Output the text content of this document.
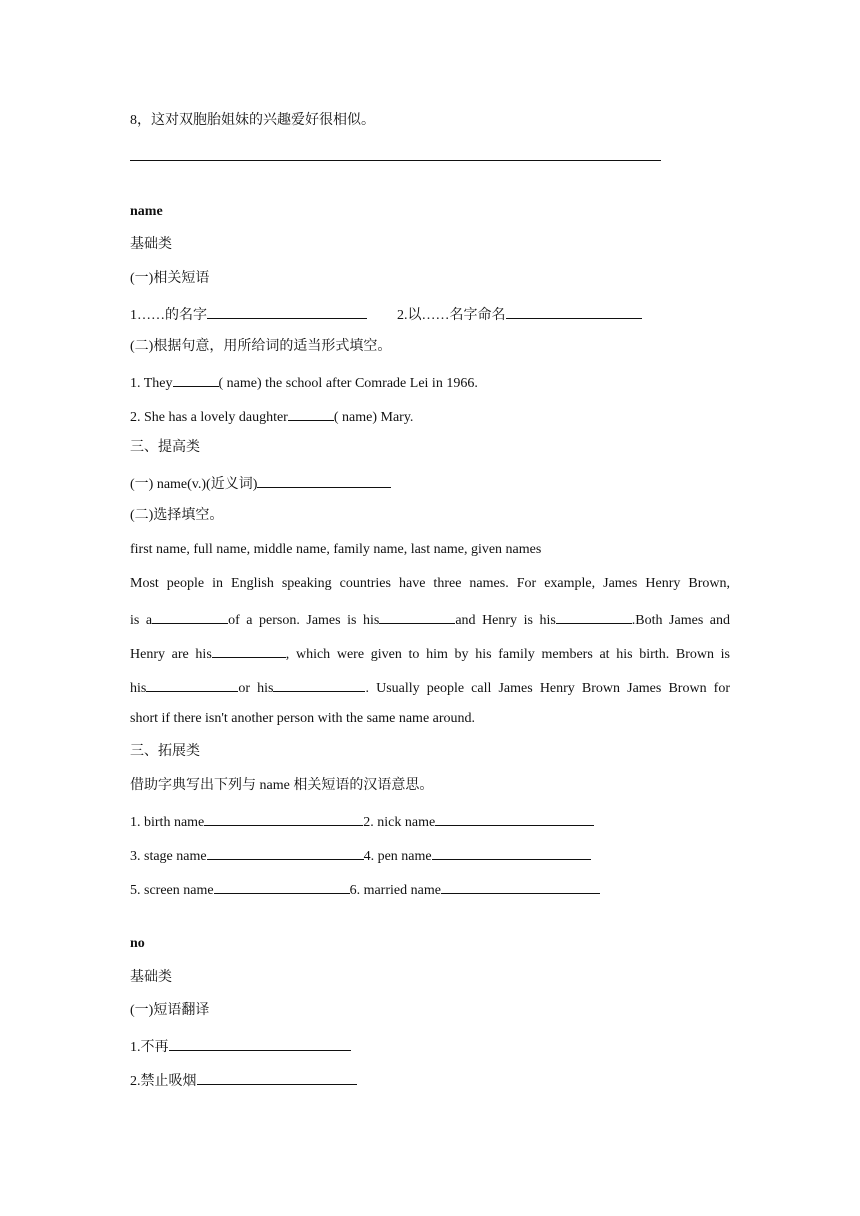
8，这对双胞胎姐妹的兴趣爱好很相似。
name
基础类
(一)相关短语
1……的名字	2.以……名字命名
(二)根据句意，用所给词的适当形式填空。
1. They	( name) the school after Comrade Lei in 1966.
2. She has a lovely daughter	( name) Mary.
三、提高类
(一) name(v.)(近义词)
(二)选择填空。
first name, full name, middle name, family name, last name, given names
Most people in English speaking countries have three names. For example, James Henry Brown,
is a	of a person. James is his	and Henry is his	.Both James and
Henry are his	, which were given to him by his family members at his birth. Brown is
his	or his	. Usually people call James Henry Brown James Brown for
short if there isn't another person with the same name around.
三、拓展类
借助字典写出下列与 name 相关短语的汉语意思。
1. birth name	2. nick name
3. stage name	4. pen name
5. screen name	6. married name
no
基础类
(一)短语翻译
1.不再
2.禁止吸烟
